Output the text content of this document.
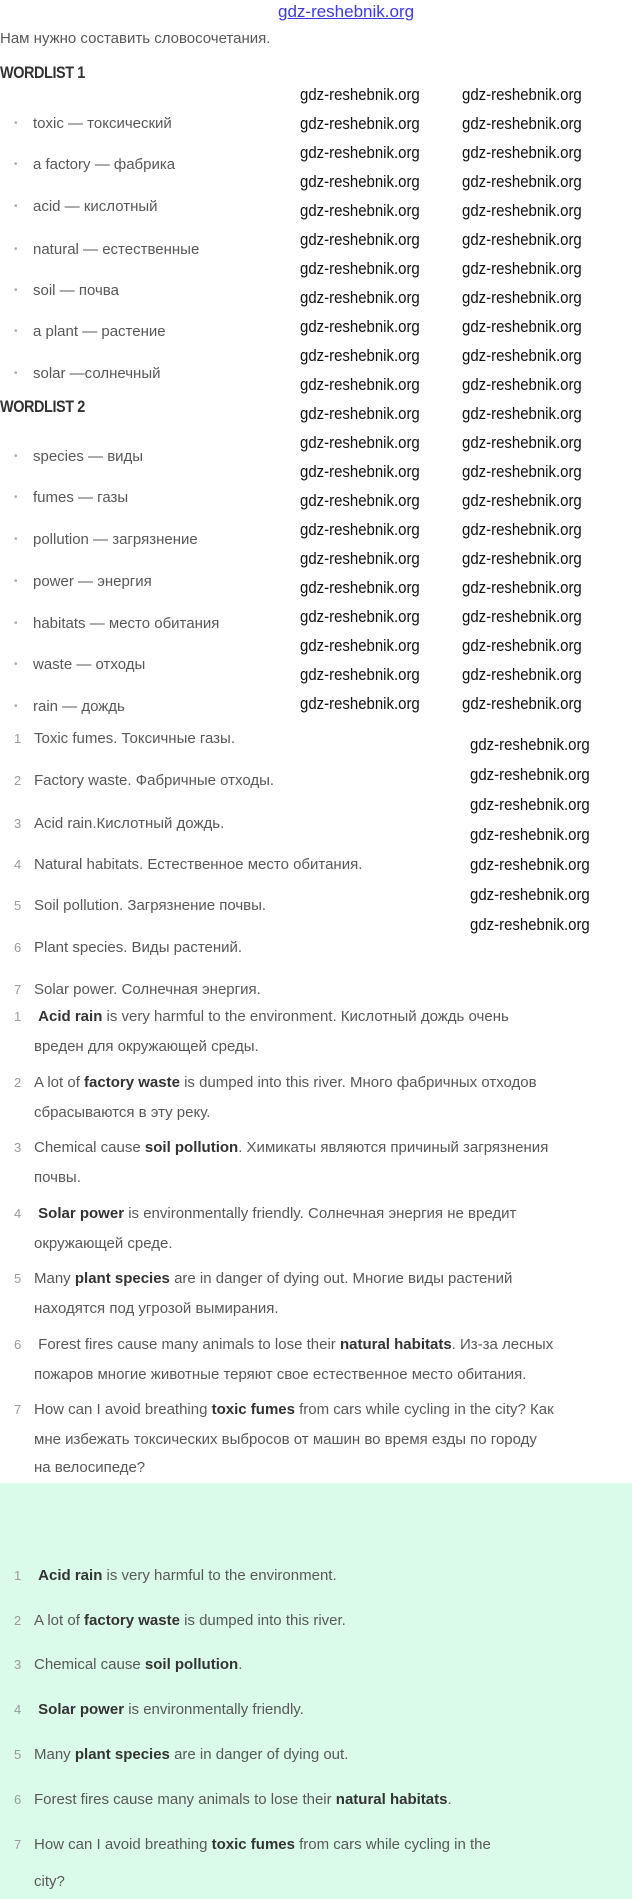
gdz-reshebnik.org
Нам нужно составить словосочетания.
WORDLIST 1
• toxic — токсический
• a factory — фабрика
• acid — кислотный
• natural — естественные
• soil — почва
• a plant — растение
• solar —солнечный
WORDLIST 2
• species — виды
• fumes — газы
• pollution — загрязнение
• power — энергия
• habitats — место обитания
• waste — отходы
• rain — дождь
1 Toxic fumes. Токсичные газы.
2 Factory waste. Фабричные отходы.
3 Acid rain.Кислотный дождь.
4 Natural habitats. Естественное место обитания.
5 Soil pollution. Загрязнение почвы.
6 Plant species. Виды растений.
7 Solar power. Солнечная энергия.
1 Acid rain is very harmful to the environment. Кислотный дождь очень
вреден для окружающей среды.
2 A lot of factory waste is dumped into this river. Много фабричных отходов
сбрасываются в эту реку.
3 Chemical cause soil pollution. Химикаты являются причиный загрязнения
почвы.
4 Solar power is environmentally friendly. Солнечная энергия не вредит
окружающей среде.
5 Many plant species are in danger of dying out. Многие виды растений
находятся под угрозой вымирания.
6 Forest fires cause many animals to lose their natural habitats. Из-за лесных
пожаров многие животные теряют свое естественное место обитания.
7 How can I avoid breathing toxic fumes from cars while cycling in the city? Как
мне избежать токсических выбросов от машин во время езды по городу
на велосипеде?
1 Acid rain is very harmful to the environment.
2 A lot of factory waste is dumped into this river.
3 Chemical cause soil pollution.
4 Solar power is environmentally friendly.
5 Many plant species are in danger of dying out.
6 Forest fires cause many animals to lose their natural habitats.
7 How can I avoid breathing toxic fumes from cars while cycling in the
city?
gdz-reshebnik.org gdz-reshebnik.org
gdz-reshebnik.org gdz-reshebnik.org
gdz-reshebnik.org gdz-reshebnik.org
gdz-reshebnik.org gdz-reshebnik.org
gdz-reshebnik.org gdz-reshebnik.org
gdz-reshebnik.org gdz-reshebnik.org
gdz-reshebnik.org gdz-reshebnik.org
gdz-reshebnik.org gdz-reshebnik.org
gdz-reshebnik.org gdz-reshebnik.org
gdz-reshebnik.org gdz-reshebnik.org
gdz-reshebnik.org gdz-reshebnik.org
gdz-reshebnik.org gdz-reshebnik.org
gdz-reshebnik.org gdz-reshebnik.org
gdz-reshebnik.org gdz-reshebnik.org
gdz-reshebnik.org gdz-reshebnik.org
gdz-reshebnik.org gdz-reshebnik.org
gdz-reshebnik.org gdz-reshebnik.org
gdz-reshebnik.org gdz-reshebnik.org
gdz-reshebnik.org gdz-reshebnik.org
gdz-reshebnik.org gdz-reshebnik.org
gdz-reshebnik.org gdz-reshebnik.org
gdz-reshebnik.org gdz-reshebnik.org
gdz-reshebnik.org
gdz-reshebnik.org
gdz-reshebnik.org
gdz-reshebnik.org
gdz-reshebnik.org
gdz-reshebnik.org
gdz-reshebnik.org
